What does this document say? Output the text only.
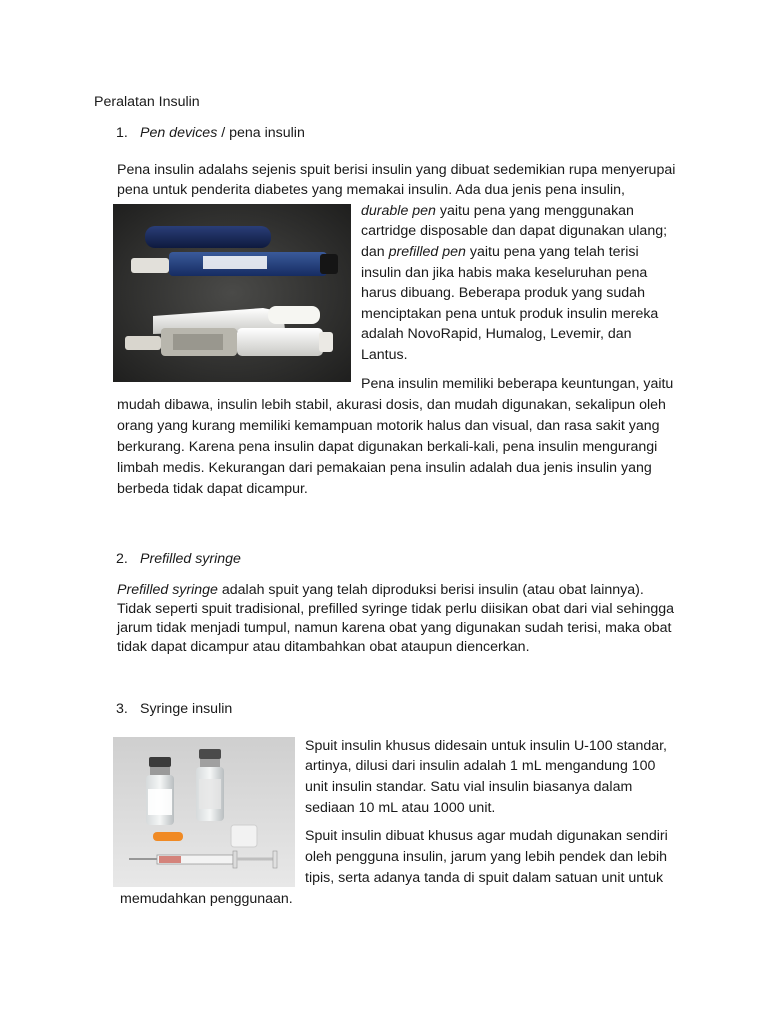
Peralatan Insulin
1. Pen devices / pena insulin
Pena insulin adalahs sejenis spuit berisi insulin yang dibuat sedemikian rupa menyerupai
pena untuk penderita diabetes yang memakai insulin. Ada dua jenis pena insulin,
durable pen yaitu pena yang menggunakan
cartridge disposable dan dapat digunakan ulang;
dan prefilled pen yaitu pena yang telah terisi
insulin dan jika habis maka keseluruhan pena
harus dibuang. Beberapa produk yang sudah
menciptakan pena untuk produk insulin mereka
adalah NovoRapid, Humalog, Levemir, dan
Lantus.
Pena insulin memiliki beberapa keuntungan, yaitu
mudah dibawa, insulin lebih stabil, akurasi dosis, dan mudah digunakan, sekalipun oleh
orang yang kurang memiliki kemampuan motorik halus dan visual, dan rasa sakit yang
berkurang. Karena pena insulin dapat digunakan berkali-kali, pena insulin mengurangi
limbah medis. Kekurangan dari pemakaian pena insulin adalah dua jenis insulin yang
berbeda tidak dapat dicampur.
2. Prefilled syringe
Prefilled syringe adalah spuit yang telah diproduksi berisi insulin (atau obat lainnya).
Tidak seperti spuit tradisional, prefilled syringe tidak perlu diisikan obat dari vial sehingga
jarum tidak menjadi tumpul, namun karena obat yang digunakan sudah terisi, maka obat
tidak dapat dicampur atau ditambahkan obat ataupun diencerkan.
3. Syringe insulin
Spuit insulin khusus didesain untuk insulin U-100 standar,
artinya, dilusi dari insulin adalah 1 mL mengandung 100
unit insulin standar. Satu vial insulin biasanya dalam
sediaan 10 mL atau 1000 unit.
Spuit insulin dibuat khusus agar mudah digunakan sendiri
oleh pengguna insulin, jarum yang lebih pendek dan lebih
tipis, serta adanya tanda di spuit dalam satuan unit untuk
memudahkan penggunaan.
